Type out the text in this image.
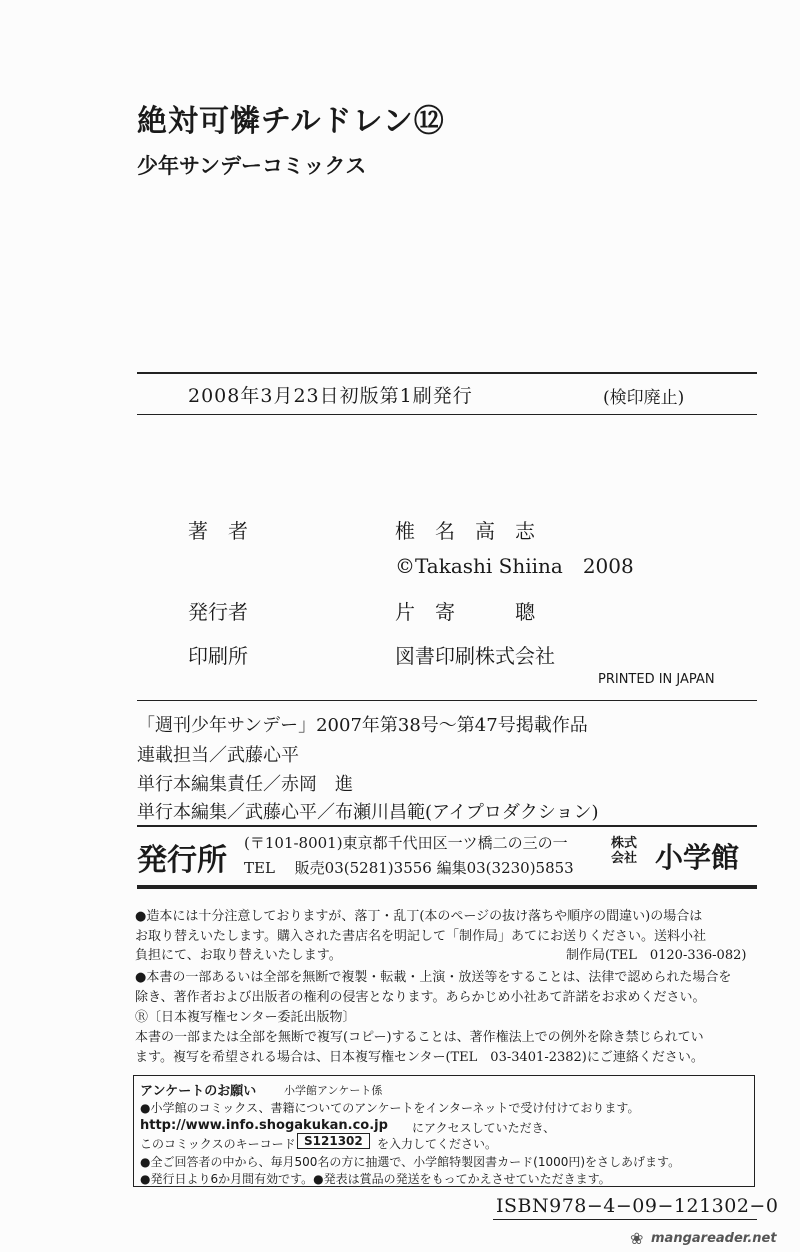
絶対可憐チルドレン⑫
少年サンデーコミックス
2008年3月23日初版第1刷発行	(検印廃止)
著　者	椎　名　高　志
©Takashi Shiina　2008
発行者	片　寄　　　聰
印刷所	図書印刷株式会社
PRINTED IN JAPAN
「週刊少年サンデー」2007年第38号〜第47号掲載作品
連載担当／武藤心平
単行本編集責任／赤岡　進
単行本編集／武藤心平／布瀬川昌範(アイプロダクション)
発行所 (〒101-8001)東京都千代田区一ツ橋二の三の一
TEL　 販売03(5281)3556 編集03(3230)5853
株式
会社 小学館
●造本には十分注意しておりますが、落丁・乱丁(本のページの抜け落ちや順序の間違い)の場合は
お取り替えいたします。購入された書店名を明記して「制作局」あてにお送りください。送料小社
負担にて、お取り替えいたします。	制作局(TEL　0120-336-082)
●本書の一部あるいは全部を無断で複製・転載・上演・放送等をすることは、法律で認められた場合を
除き、著作者および出版者の権利の侵害となります。あらかじめ小社あて許諾をお求めください。
Ⓡ〔日本複写権センター委託出版物〕
本書の一部または全部を無断で複写(コピー)することは、著作権法上での例外を除き禁じられてい
ます。複写を希望される場合は、日本複写権センター(TEL　03-3401-2382)にご連絡ください。
アンケートのお願い	小学館アンケート係
●小学館のコミックス、書籍についてのアンケートをインターネットで受け付けております。
http://www.info.shogakukan.co.jp にアクセスしていただき、
このコミックスのキーコード S121302	を入力してください。
●全ご回答者の中から、毎月500名の方に抽選で、小学館特製図書カード(1000円)をさしあげます。
●発行日より6か月間有効です。●発表は賞品の発送をもってかえさせていただきます。
ISBN978−4−09−121302−0
❀ mangareader.net
